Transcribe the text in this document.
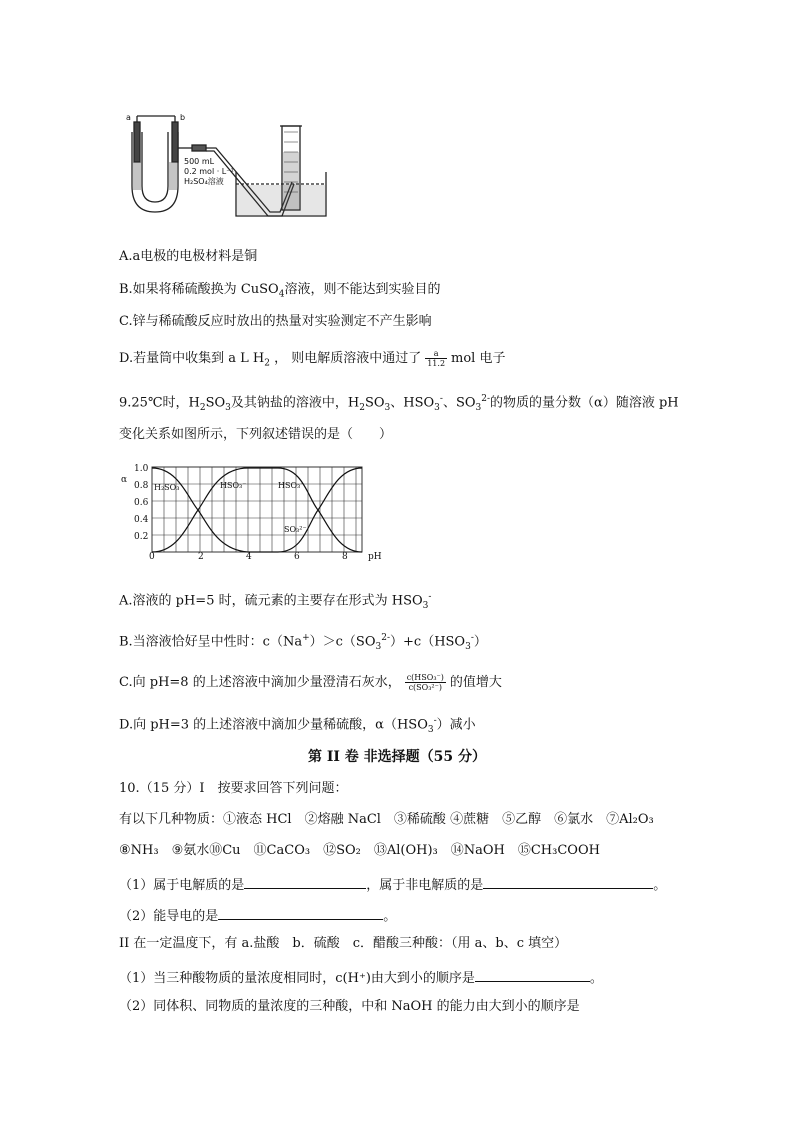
a	b
500 mL
0.2 mol · L⁻¹
H₂SO₄溶液
A.a电极的电极材料是铜
B.如果将稀硫酸换为 CuSO$_4$溶液，则不能达到实验目的
C.锌与稀硫酸反应时放出的热量对实验测定不产生影响
D.若量筒中收集到 a L $H_2$ ， 则电解质溶液中通过了 $\frac{a}{11.2}$ mol 电子
9.25℃时，$H_2SO_3$及其钠盐的溶液中，$H_2SO_3$、$HSO_3^-$、$SO_3^{2-}$的物质的量分数（α）随溶液 pH
变化关系如图所示，下列叙述错误的是（　　）
α
1.0
0.8
0.6
0.4
0.2
0	2	4	6	8 pH
H₂SO₃	HSO₃⁻	HSO₃⁻
SO₃²⁻
A.溶液的 pH=5 时，硫元素的主要存在形式为 $HSO_3^-$
B.当溶液恰好呈中性时：$c(Na^+)>c(SO_3^{2-})+c(HSO_3^-)$
C.向 pH=8 的上述溶液中滴加少量澄清石灰水， $\frac{\text{c(HSO₃⁻)}}{\text{c(SO₃²⁻)}}$ 的值增大
D.向 pH=3 的上述溶液中滴加少量稀硫酸，$\alpha(HSO_3^-)$减小
第 II 卷 非选择题（55 分）
10.（15 分）I　按要求回答下列问题：
有以下几种物质：①液态 HCl　②熔融 NaCl　③稀硫酸 ④蔗糖　⑤乙醇　⑥氯水　⑦Al₂O₃
⑧NH₃　⑨氨水⑩Cu　⑪CaCO₃　⑫SO₂　⑬Al(OH)₃　⑭NaOH　⑮CH₃COOH
（1）属于电解质的是	，属于非电解质的是	。
（2）能导电的是	。
II 在一定温度下，有 a.盐酸　b．硫酸　c．醋酸三种酸：（用 a、b、c 填空）
（1）当三种酸物质的量浓度相同时，c(H⁺)由大到小的顺序是	。
（2）同体积、同物质的量浓度的三种酸，中和 NaOH 的能力由大到小的顺序是
